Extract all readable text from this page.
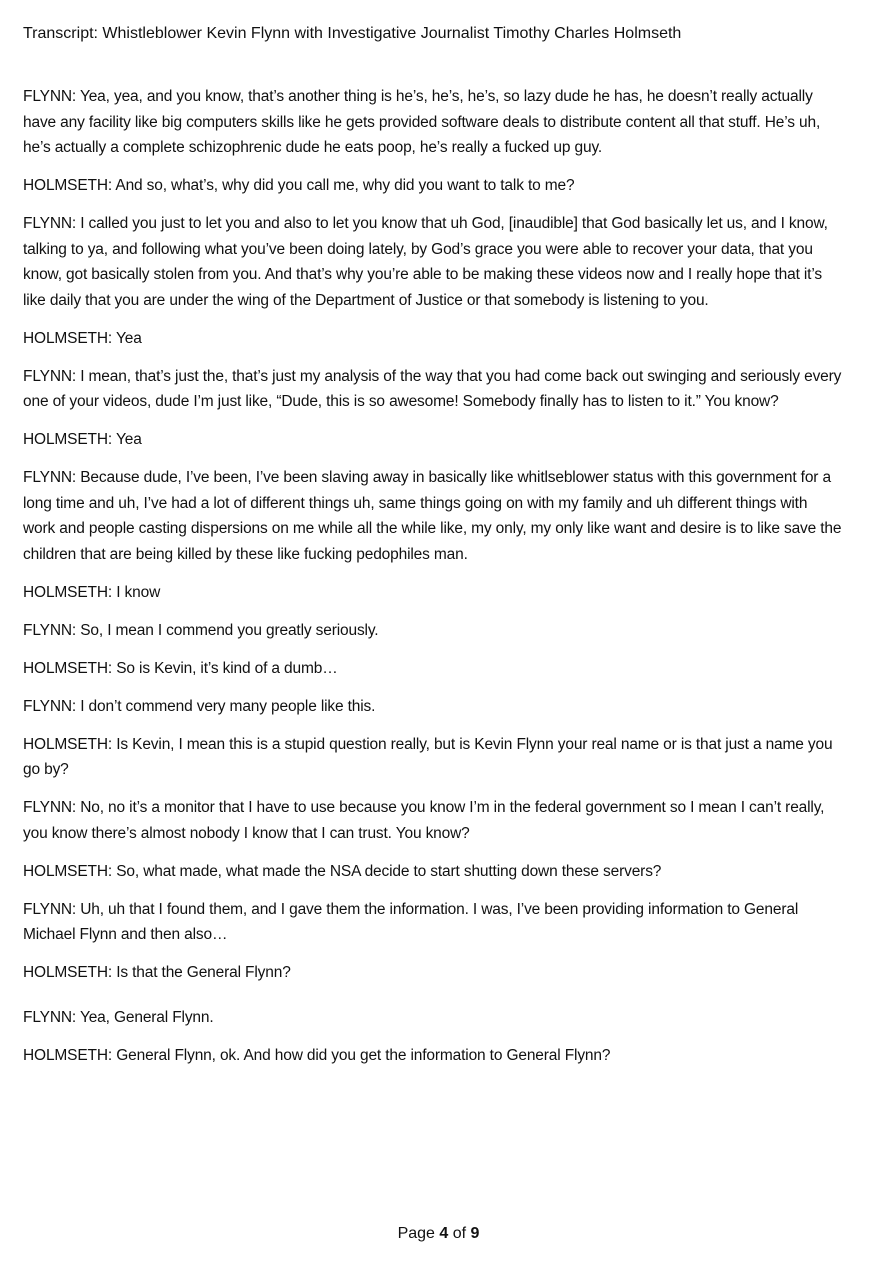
Transcript: Whistleblower Kevin Flynn with Investigative Journalist Timothy Charles Holmseth

FLYNN: Yea, yea, and you know, that’s another thing is he’s, he’s, he’s, so lazy dude he has, he doesn’t really actually have any facility like big computers skills like he gets provided software deals to distribute content all that stuff. He’s uh, he’s actually a complete schizophrenic dude he eats poop, he’s really a fucked up guy.

HOLMSETH: And so, what’s, why did you call me, why did you want to talk to me?

FLYNN: I called you just to let you and also to let you know that uh God, [inaudible] that God basically let us, and I know, talking to ya, and following what you’ve been doing lately, by God’s grace you were able to recover your data, that you know, got basically stolen from you. And that’s why you’re able to be making these videos now and I really hope that it’s like daily that you are under the wing of the Department of Justice or that somebody is listening to you.

HOLMSETH: Yea

FLYNN: I mean, that’s just the, that’s just my analysis of the way that you had come back out swinging and seriously every one of your videos, dude I’m just like, “Dude, this is so awesome! Somebody finally has to listen to it.” You know?

HOLMSETH: Yea

FLYNN: Because dude, I’ve been, I’ve been slaving away in basically like whitlseblower status with this government for a long time and uh, I’ve had a lot of different things uh, same things going on with my family and uh different things with work and people casting dispersions on me while all the while like, my only, my only like want and desire is to like save the children that are being killed by these like fucking pedophiles man.

HOLMSETH: I know

FLYNN: So, I mean I commend you greatly seriously.

HOLMSETH: So is Kevin, it’s kind of a dumb…

FLYNN: I don’t commend very many people like this.

HOLMSETH: Is Kevin, I mean this is a stupid question really, but is Kevin Flynn your real name or is that just a name you go by?

FLYNN: No, no it’s a monitor that I have to use because you know I’m in the federal government so I mean I can’t really, you know there’s almost nobody I know that I can trust. You know?

HOLMSETH: So, what made, what made the NSA decide to start shutting down these servers?

FLYNN: Uh, uh that I found them, and I gave them the information. I was, I’ve been providing information to General Michael Flynn and then also…

HOLMSETH: Is that the General Flynn?

FLYNN: Yea, General Flynn.

HOLMSETH: General Flynn, ok. And how did you get the information to General Flynn?

Page 4 of 9
